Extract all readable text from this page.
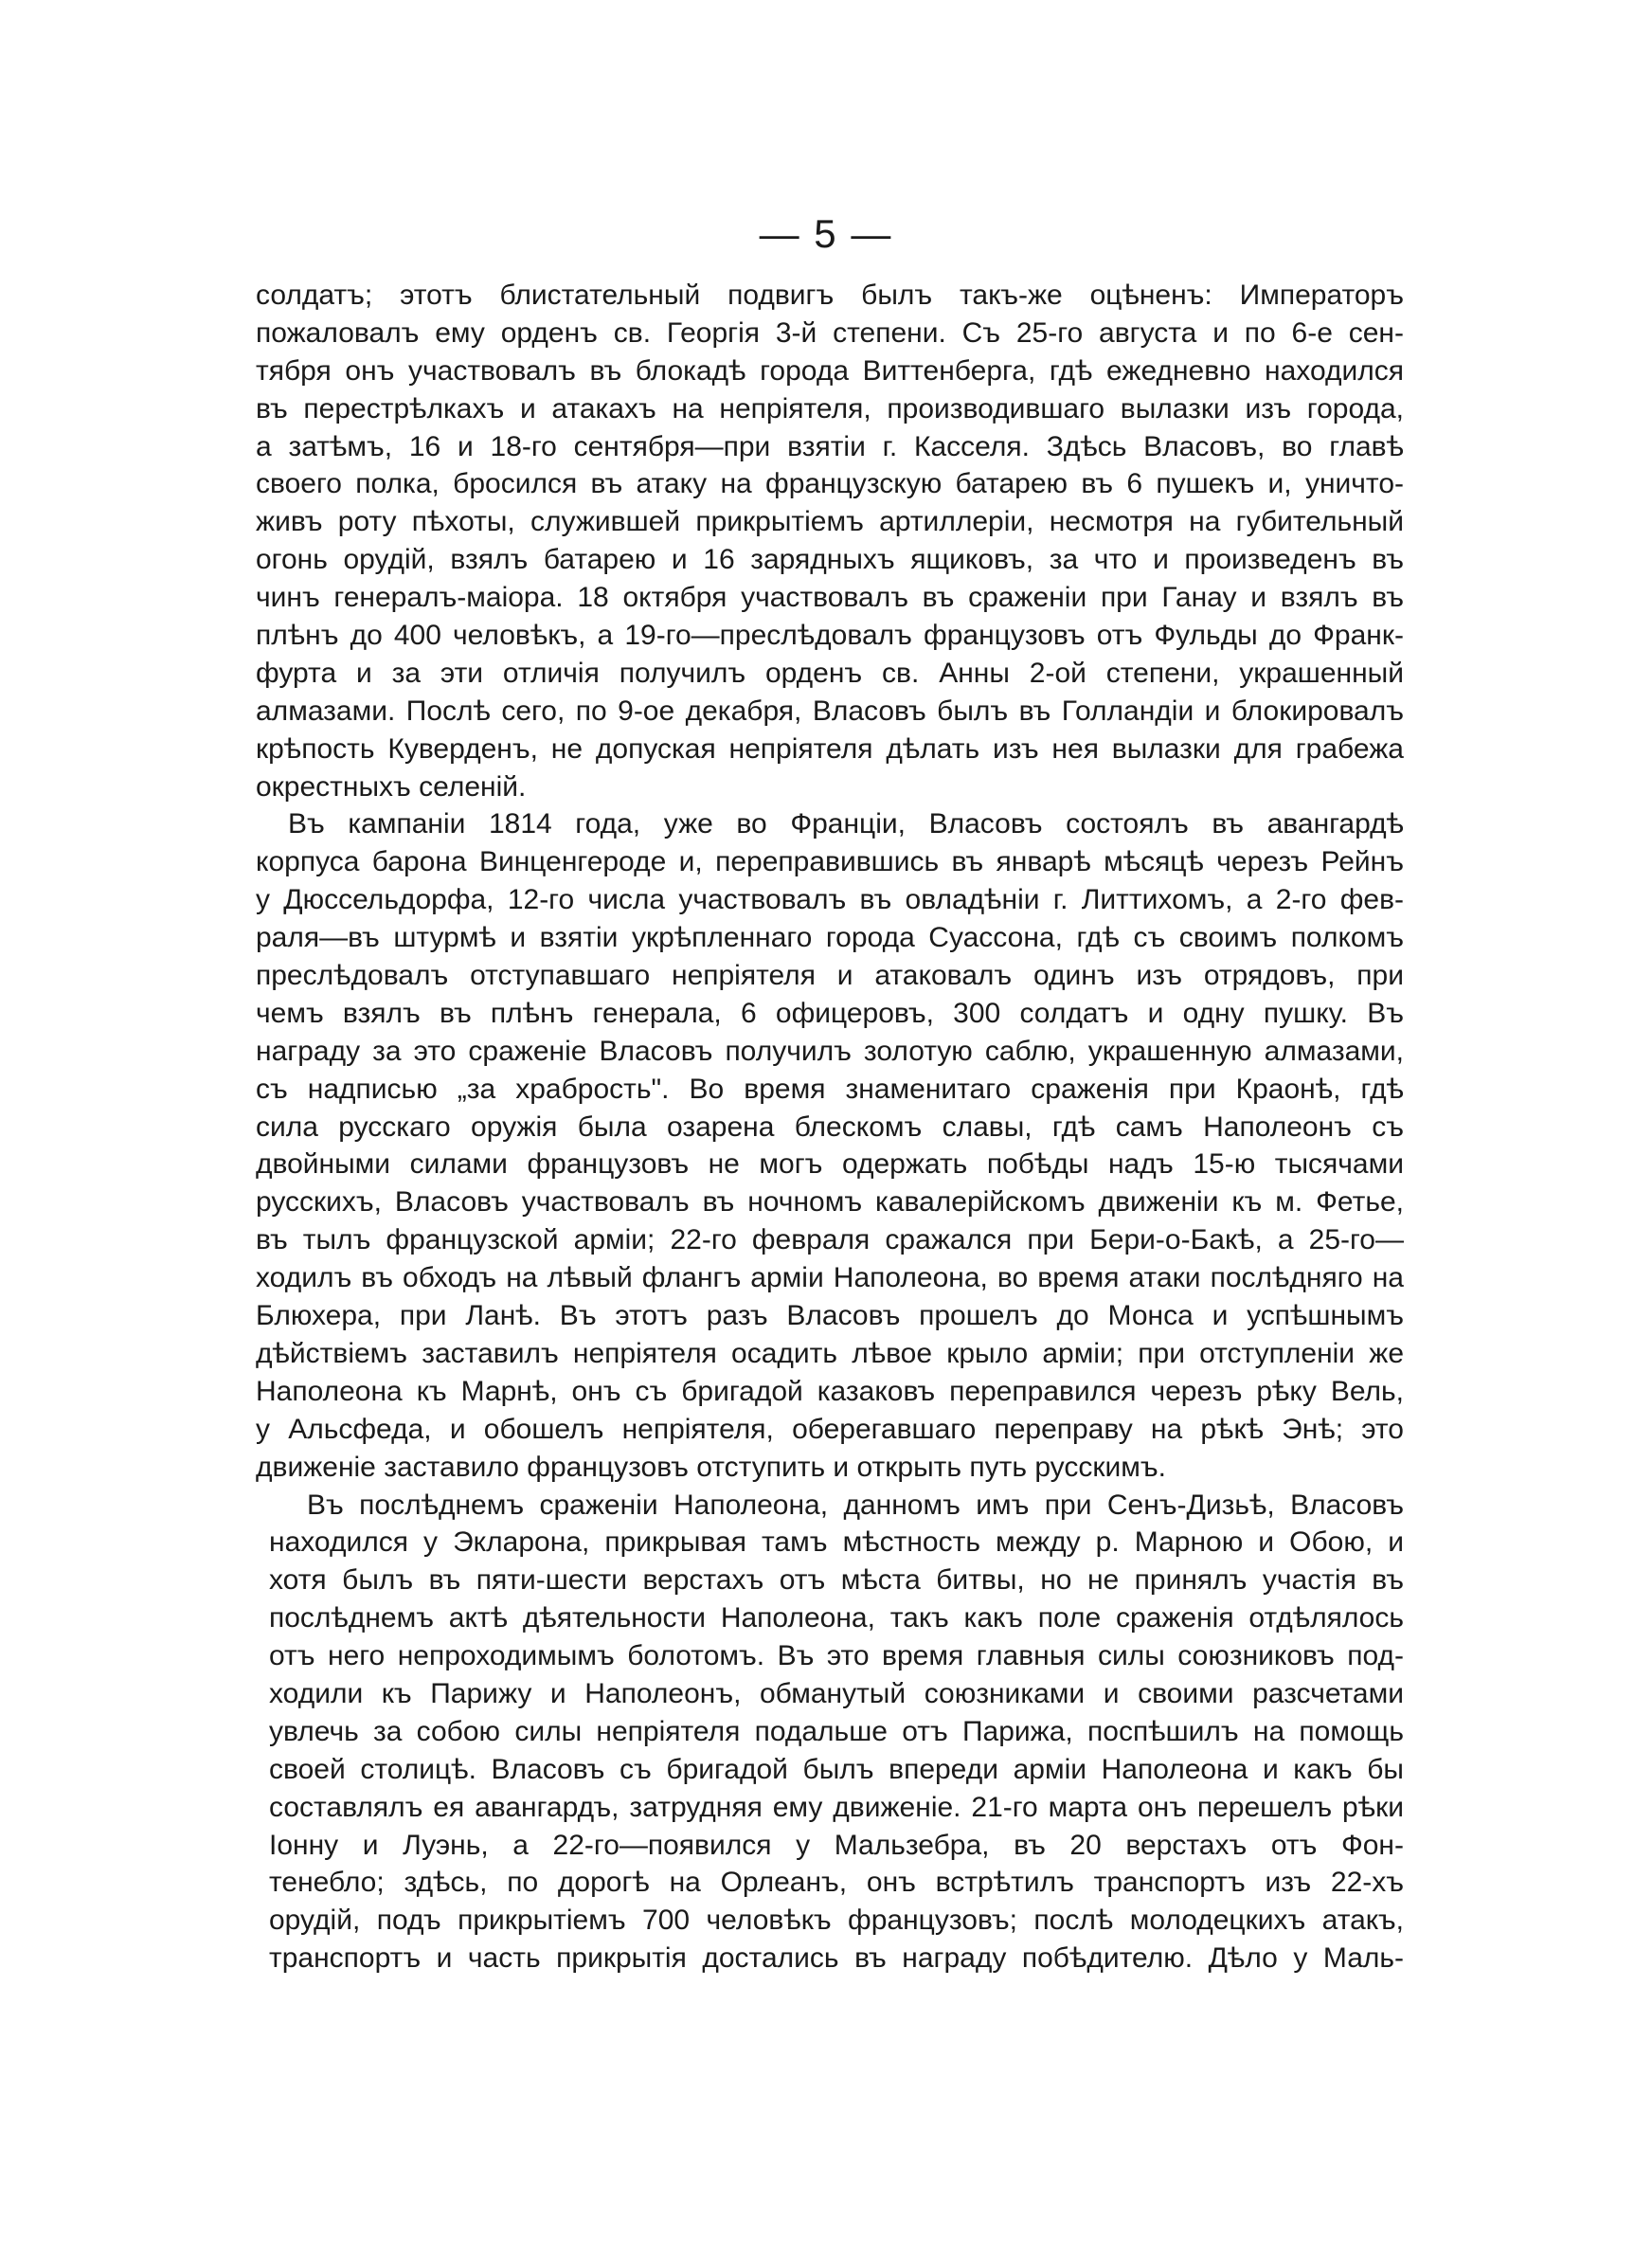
— 5 —

солдатъ; этотъ блистательный подвигъ былъ такъ-же оцѣненъ: Императоръ
пожаловалъ ему орденъ св. Георгія 3-й степени. Съ 25-го августа и по 6-е сен-
тября онъ участвовалъ въ блокадѣ города Виттенберга, гдѣ ежедневно находился
въ перестрѣлкахъ и атакахъ на непріятеля, производившаго вылазки изъ города,
а затѣмъ, 16 и 18-го сентября—при взятіи г. Касселя. Здѣсь Власовъ, во главѣ
своего полка, бросился въ атаку на французскую батарею въ 6 пушекъ и, уничто-
живъ роту пѣхоты, служившей прикрытіемъ артиллеріи, несмотря на губительный
огонь орудій, взялъ батарею и 16 зарядныхъ ящиковъ, за что и произведенъ въ
чинъ генералъ-маіора. 18 октября участвовалъ въ сраженіи при Ганау и взялъ въ
плѣнъ до 400 человѣкъ, а 19-го—преслѣдовалъ французовъ отъ Фульды до Франк-
фурта и за эти отличія получилъ орденъ св. Анны 2-ой степени, украшенный
алмазами. Послѣ сего, по 9-ое декабря, Власовъ былъ въ Голландіи и блокировалъ
крѣпость Куверденъ, не допуская непріятеля дѣлать изъ нея вылазки для грабежа
окрестныхъ селеній.

Въ кампаніи 1814 года, уже во Франціи, Власовъ состоялъ въ авангардѣ
корпуса барона Винценгероде и, переправившись въ январѣ мѣсяцѣ черезъ Рейнъ
у Дюссельдорфа, 12-го числа участвовалъ въ овладѣніи г. Литтихомъ, а 2-го фев-
раля—въ штурмѣ и взятіи укрѣпленнаго города Суассона, гдѣ съ своимъ полкомъ
преслѣдовалъ отступавшаго непріятеля и атаковалъ одинъ изъ отрядовъ, при
чемъ взялъ въ плѣнъ генерала, 6 офицеровъ, 300 солдатъ и одну пушку. Въ
награду за это сраженіе Власовъ получилъ золотую саблю, украшенную алмазами,
съ надписью „за храбрость". Во время знаменитаго сраженія при Краонѣ, гдѣ
сила русскаго оружія была озарена блескомъ славы, гдѣ самъ Наполеонъ съ
двойными силами французовъ не могъ одержать побѣды надъ 15-ю тысячами
русскихъ, Власовъ участвовалъ въ ночномъ кавалерійскомъ движеніи къ м. Фетье,
въ тылъ французской арміи; 22-го февраля сражался при Бери-о-Бакѣ, а 25-го—
ходилъ въ обходъ на лѣвый флангъ арміи Наполеона, во время атаки послѣдняго на
Блюхера, при Ланѣ. Въ этотъ разъ Власовъ прошелъ до Монса и успѣшнымъ
дѣйствіемъ заставилъ непріятеля осадить лѣвое крыло арміи; при отступленіи же
Наполеона къ Марнѣ, онъ съ бригадой казаковъ переправился черезъ рѣку Вель,
у Альсфеда, и обошелъ непріятеля, оберегавшаго переправу на рѣкѣ Энѣ; это
движеніе заставило французовъ отступить и открыть путь русскимъ.

Въ послѣднемъ сраженіи Наполеона, данномъ имъ при Сенъ-Дизьѣ, Власовъ
находился у Экларона, прикрывая тамъ мѣстность между р. Марною и Обою, и
хотя былъ въ пяти-шести верстахъ отъ мѣста битвы, но не принялъ участія въ
послѣднемъ актѣ дѣятельности Наполеона, такъ какъ поле сраженія отдѣлялось
отъ него непроходимымъ болотомъ. Въ это время главныя силы союзниковъ под-
ходили къ Парижу и Наполеонъ, обманутый союзниками и своими разсчетами
увлечь за собою силы непріятеля подальше отъ Парижа, поспѣшилъ на помощь
своей столицѣ. Власовъ съ бригадой былъ впереди арміи Наполеона и какъ бы
составлялъ ея авангардъ, затрудняя ему движеніе. 21-го марта онъ перешелъ рѣки
Іонну и Луэнь, а 22-го—появился у Мальзебра, въ 20 верстахъ отъ Фон-
тенебло; здѣсь, по дорогѣ на Орлеанъ, онъ встрѣтилъ транспортъ изъ 22-хъ
орудій, подъ прикрытіемъ 700 человѣкъ французовъ; послѣ молодецкихъ атакъ,
транспортъ и часть прикрытія достались въ награду побѣдителю. Дѣло у Маль-
